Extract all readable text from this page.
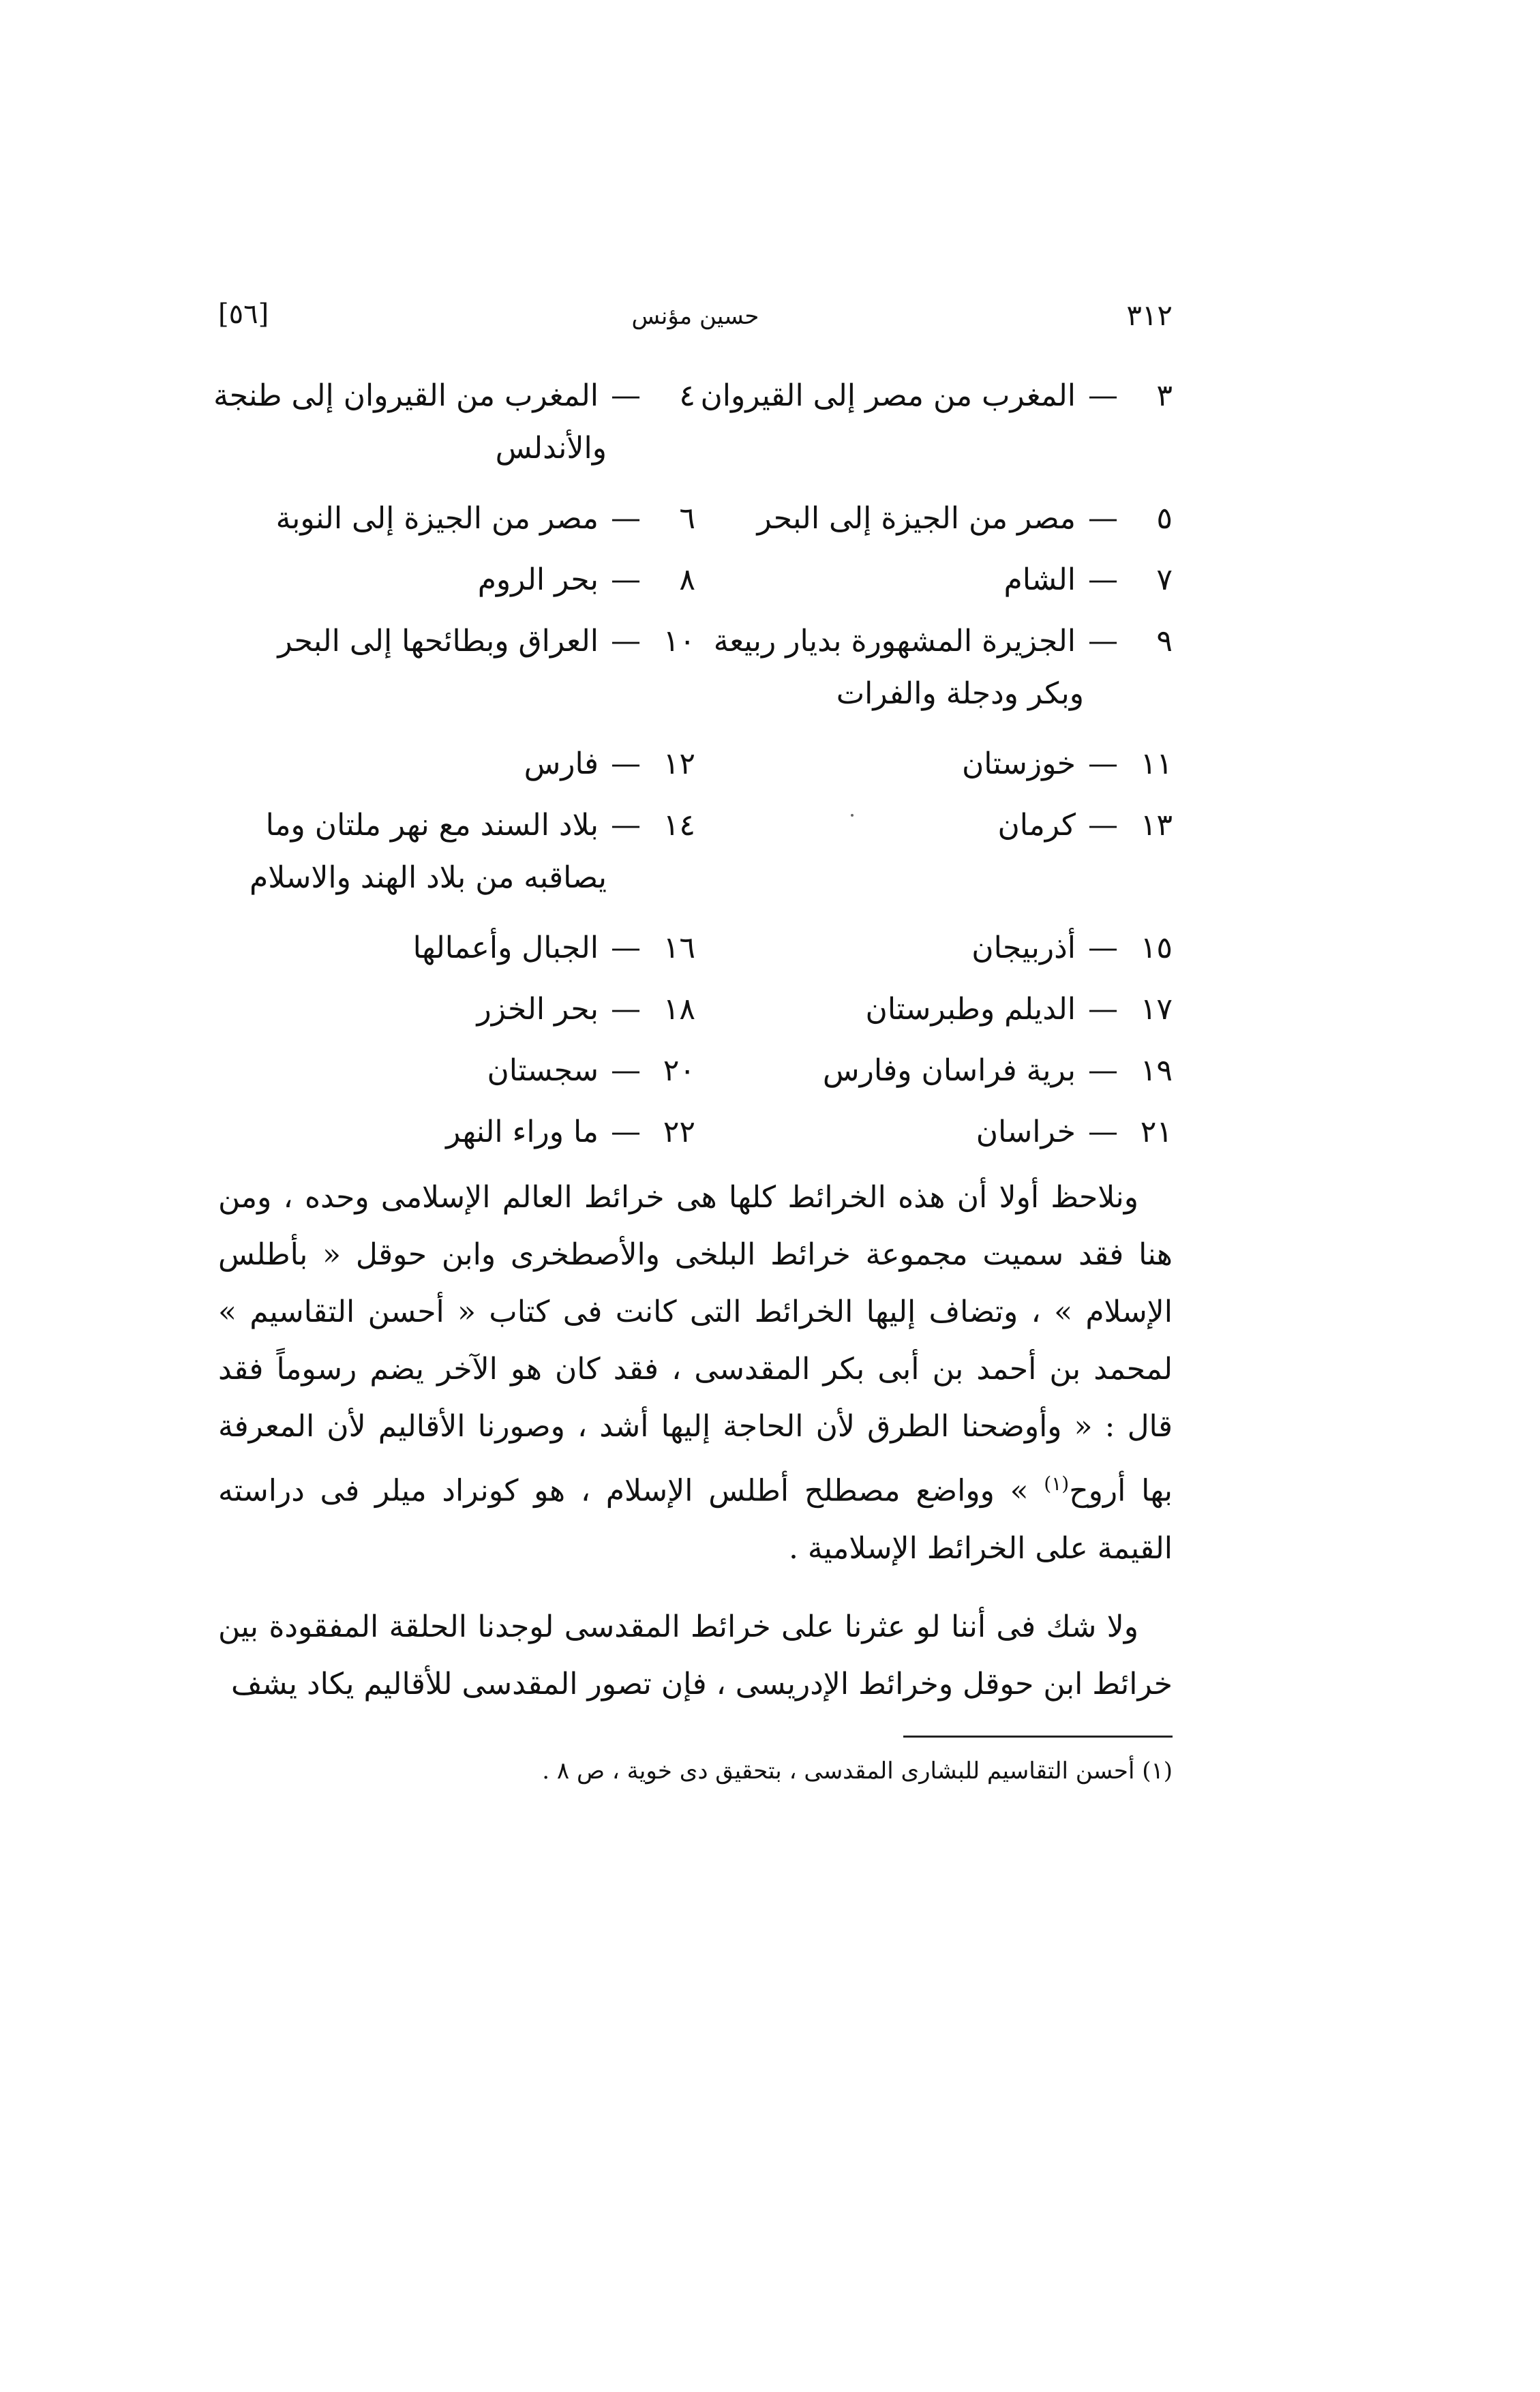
٣١٢
حسين مؤنس
[٥٦]
٣—المغرب من مصر إلى القيروان
٤—المغرب من القيروان إلى طنجة
والأندلس
٥—مصر من الجيزة إلى البحر
٦—مصر من الجيزة إلى النوبة
٧—الشام
٨—بحر الروم
٩—الجزيرة المشهورة بديار ربيعة
وبكر ودجلة والفرات
١٠—العراق وبطائحها إلى البحر
١١—خوزستان
١٢—فارس
١٣—كرمان
١٤—بلاد السند مع نهر ملتان وما
يصاقبه من بلاد الهند والاسلام
١٥—أذربيجان
١٦—الجبال وأعمالها
١٧—الديلم وطبرستان
١٨—بحر الخزر
١٩—برية فراسان وفارس
٢٠—سجستان
٢١—خراسان
٢٢—ما وراء النهر
ونلاحظ أولا أن هذه الخرائط كلها هى خرائط العالم الإسلامى وحده ، ومن هنا فقد سميت مجموعة خرائط البلخى والأصطخرى وابن حوقل « بأطلس الإسلام » ، وتضاف إليها الخرائط التى كانت فى كتاب « أحسن التقاسيم » لمحمد بن أحمد بن أبى بكر المقدسى ، فقد كان هو الآخر يضم رسوماً فقد قال : « وأوضحنا الطرق لأن الحاجة إليها أشد ، وصورنا الأقاليم لأن المعرفة بها أروح$^{(١)}$ » وواضع مصطلح أطلس الإسلام ، هو كونراد ميلر فى دراسته القيمة على الخرائط الإسلامية .
ولا شك فى أننا لو عثرنا على خرائط المقدسى لوجدنا الحلقة المفقودة بين خرائط ابن حوقل وخرائط الإدريسى ، فإن تصور المقدسى للأقاليم يكاد يشف
(١) أحسن التقاسيم للبشارى المقدسى ، بتحقيق دى خوية ، ص ٨ .
